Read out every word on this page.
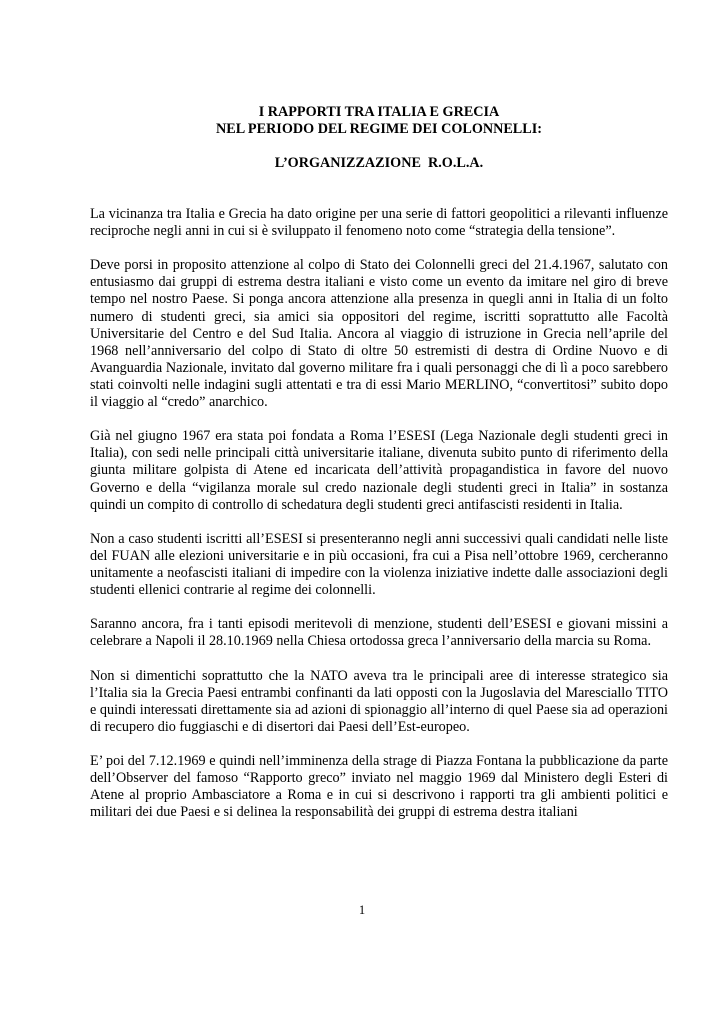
I RAPPORTI TRA ITALIA E GRECIA
NEL PERIODO DEL REGIME DEI COLONNELLI:
L’ORGANIZZAZIONE  R.O.L.A.

La vicinanza tra Italia e Grecia ha dato origine per una serie di fattori geopolitici a rilevanti influenze reciproche negli anni in cui si è sviluppato il fenomeno noto come “strategia della tensione”.

Deve porsi in proposito attenzione al colpo di Stato dei Colonnelli greci del 21.4.1967, salutato con entusiasmo dai gruppi di estrema destra italiani e visto come un evento da imitare nel giro di breve tempo nel nostro Paese. Si ponga ancora attenzione alla presenza in quegli anni in Italia di un folto numero di studenti greci, sia amici sia oppositori del regime, iscritti soprattutto alle Facoltà Universitarie del Centro e del Sud Italia. Ancora al viaggio di istruzione in Grecia nell’aprile del 1968 nell’anniversario del colpo di Stato di oltre 50 estremisti di destra di Ordine Nuovo e di Avanguardia Nazionale, invitato dal governo militare fra i quali personaggi che di lì a poco sarebbero stati coinvolti nelle indagini sugli attentati e tra di essi Mario MERLINO, “convertitosi” subito dopo il viaggio al “credo” anarchico.

Già nel giugno 1967 era stata poi fondata a Roma l’ESESI (Lega Nazionale degli studenti greci in Italia), con sedi nelle principali città universitarie italiane, divenuta subito punto di riferimento della giunta militare golpista di Atene ed incaricata dell’attività propagandistica in favore del nuovo Governo e della “vigilanza morale sul credo nazionale degli studenti greci in Italia” in sostanza quindi un compito di controllo di schedatura degli studenti greci antifascisti residenti in Italia.

Non a caso studenti iscritti all’ESESI si presenteranno negli anni successivi quali candidati nelle liste del FUAN alle elezioni universitarie e in più occasioni, fra cui a Pisa nell’ottobre 1969, cercheranno unitamente a neofascisti italiani di impedire con la violenza iniziative indette dalle associazioni degli studenti ellenici contrarie al regime dei colonnelli.

Saranno ancora, fra i tanti episodi meritevoli di menzione, studenti dell’ESESI e giovani missini a celebrare a Napoli il 28.10.1969 nella Chiesa ortodossa greca l’anniversario della marcia su Roma.

Non si dimentichi soprattutto che la NATO aveva tra le principali aree di interesse strategico sia l’Italia sia la Grecia Paesi entrambi confinanti da lati opposti con la Jugoslavia del Maresciallo TITO e quindi interessati direttamente sia ad azioni di spionaggio all’interno di quel Paese sia ad operazioni di recupero dio fuggiaschi e di disertori dai Paesi dell’Est-europeo.

E’ poi del 7.12.1969 e quindi nell’imminenza della strage di Piazza Fontana la pubblicazione da parte dell’Observer del famoso “Rapporto greco” inviato nel maggio 1969 dal Ministero degli Esteri di Atene al proprio Ambasciatore a Roma e in cui si descrivono i rapporti tra gli ambienti politici e militari dei due Paesi e si delinea la responsabilità dei gruppi di estrema destra italiani

1
